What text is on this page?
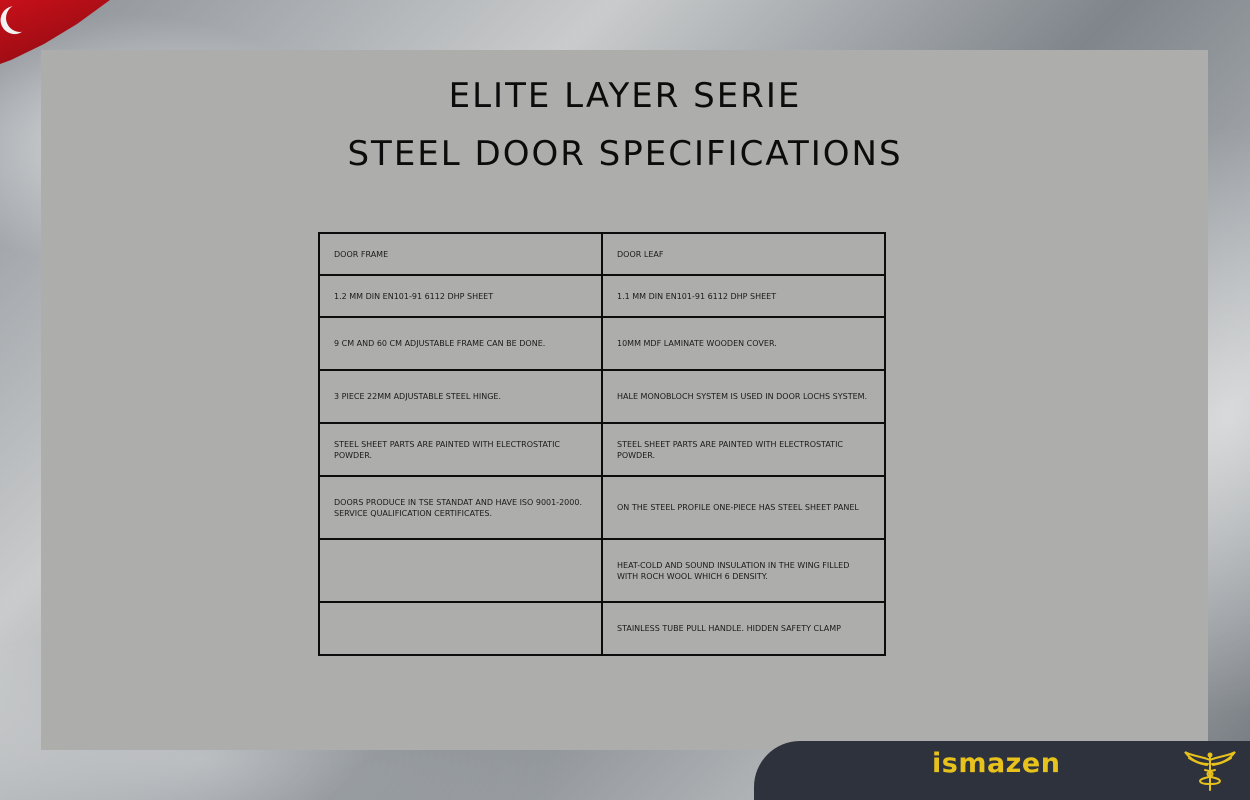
ELITE LAYER SERIE
STEEL DOOR SPECIFICATIONS
DOOR FRAME	DOOR LEAF
1.2 MM DIN EN101-91 6112 DHP SHEET	1.1 MM DIN EN101-91 6112 DHP SHEET
9 CM AND 60 CM ADJUSTABLE FRAME CAN BE DONE.	10MM MDF LAMINATE WOODEN COVER.
3 PIECE 22MM ADJUSTABLE STEEL HINGE.	HALE MONOBLOCH SYSTEM IS USED IN DOOR LOCHS SYSTEM.
STEEL SHEET PARTS ARE PAINTED WITH ELECTROSTATIC POWDER.	STEEL SHEET PARTS ARE PAINTED WITH ELECTROSTATIC POWDER.
DOORS PRODUCE IN TSE STANDAT AND HAVE ISO 9001-2000. SERVICE QUALIFICATION CERTIFICATES.	ON THE STEEL PROFILE ONE-PIECE HAS STEEL SHEET PANEL
	HEAT-COLD AND SOUND INSULATION IN THE WING FILLED WITH ROCH WOOL WHICH 6 DENSITY.
	STAINLESS TUBE PULL HANDLE. HIDDEN SAFETY CLAMP
ismazen
